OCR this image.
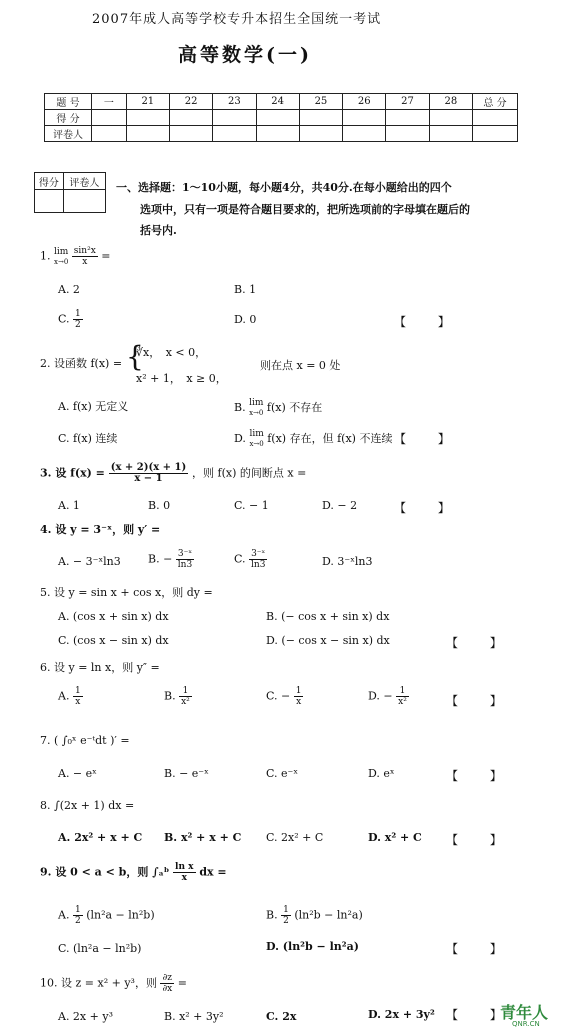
2007年成人高等学校专升本招生全国统一考试
高等数学(一)
题 号	一	21	22	23	24	25	26	27	28	总 分
得 分										
评卷人										
得分	评卷人
	一、选择题：1～10小题，每小题4分，共40分.在每小题给出的四个
选项中，只有一项是符合题目要求的，把所选项前的字母填在题后的
括号内.
1. lim
x→0
$\frac{\text{sin²x}}{x}$ =
A. 2	B. 1
C. $\frac{1}{2}$	D. 0	【 】
2. 设函数 f(x) = {
∛x，　x < 0，
x² + 1，　x ≥ 0，
则在点 x = 0 处
A. f(x) 无定义	B. lim
x→0 f(x) 不存在
C. f(x) 连续	D. lim
x→0 f(x) 存在，但 f(x) 不连续 【 】
3. 设 $f(x) = \frac{(x + 2)(x + 1)}{x - 1}$ ，则 f(x) 的间断点 x =
A. 1	B. 0	C. − 1	D. − 2	【 】
4. 设 y = 3⁻ˣ，则 y′ =
A. − 3⁻ˣln3 B. − $\frac{\text{3⁻ˣ}}{\ln 3}$	C. $\frac{\text{3⁻ˣ}}{\ln 3}$	D. 3⁻ˣln3
5. 设 y = sin x + cos x，则 dy =
A. (cos x + sin x) dx	B. (− cos x + sin x) dx
C. (cos x − sin x) dx	D. (− cos x − sin x) dx	【 】
6. 设 y = ln x，则 y″ =
A. $\frac{1}{x}$	B. $\frac{1}{\text{x²}}$	C. − $\frac{1}{x}$	D. − $\frac{1}{\text{x²}}$	【 】
7. ( ∫₀ˣ e⁻ᵗdt )′ =
A. − eˣ	B. − e⁻ˣ	C. e⁻ˣ	D. eˣ	【 】
8. ∫(2x + 1) dx =
A. 2x² + x + C B. x² + x + C C. 2x² + C	D. x² + C 【 】
9. 设 0 < a < b，则 ∫ₐᵇ $\frac{\text{ln x}}{x}$ dx =
A. $\frac{1}{2} (\ln^2a - \ln^2b)$	B. $\frac{1}{2} (\ln^2b - \ln^2a)$
C. (ln²a − ln²b)	D. (ln²b − ln²a)	【 】
10. 设 z = x² + y³，则 $\frac{\partial z}{\partial x}$ =
A. 2x + y³	B. x² + 3y²	C. 2x	D. 2x + 3y² 【 】
青年人
QNR.CN
